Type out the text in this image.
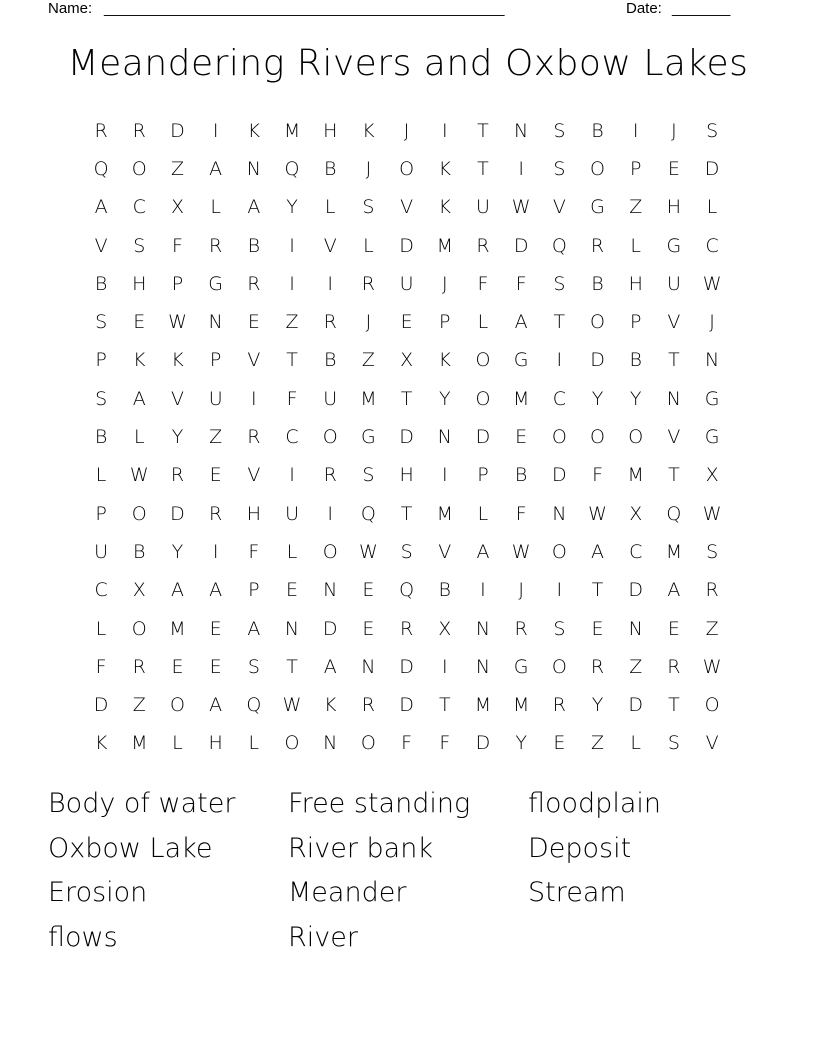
Name: ________________________________________________	Date: _______
Meandering Rivers and Oxbow Lakes
R	R	D	I	K	M	H	K	J	I	T	N	S	B	I	J	S
Q	O	Z	A	N	Q	B	J	O	K	T	I	S	O	P	E	D
A	C	X	L	A	Y	L	S	V	K	U	W	V	G	Z	H	L
V	S	F	R	B	I	V	L	D	M	R	D	Q	R	L	G	C
B	H	P	G	R	I	I	R	U	J	F	F	S	B	H	U	W
S	E	W	N	E	Z	R	J	E	P	L	A	T	O	P	V	J
P	K	K	P	V	T	B	Z	X	K	O	G	I	D	B	T	N
S	A	V	U	I	F	U	M	T	Y	O	M	C	Y	Y	N	G
B	L	Y	Z	R	C	O	G	D	N	D	E	O	O	O	V	G
L	W	R	E	V	I	R	S	H	I	P	B	D	F	M	T	X
P	O	D	R	H	U	I	Q	T	M	L	F	N	W	X	Q	W
U	B	Y	I	F	L	O	W	S	V	A	W	O	A	C	M	S
C	X	A	A	P	E	N	E	Q	B	I	J	I	T	D	A	R
L	O	M	E	A	N	D	E	R	X	N	R	S	E	N	E	Z
F	R	E	E	S	T	A	N	D	I	N	G	O	R	Z	R	W
D	Z	O	A	Q	W	K	R	D	T	M	M	R	Y	D	T	O
K	M	L	H	L	O	N	O	F	F	D	Y	E	Z	L	S	V
Body of water	Free standing	floodplain
Oxbow Lake	River bank	Deposit
Erosion	Meander	Stream
flows	River
